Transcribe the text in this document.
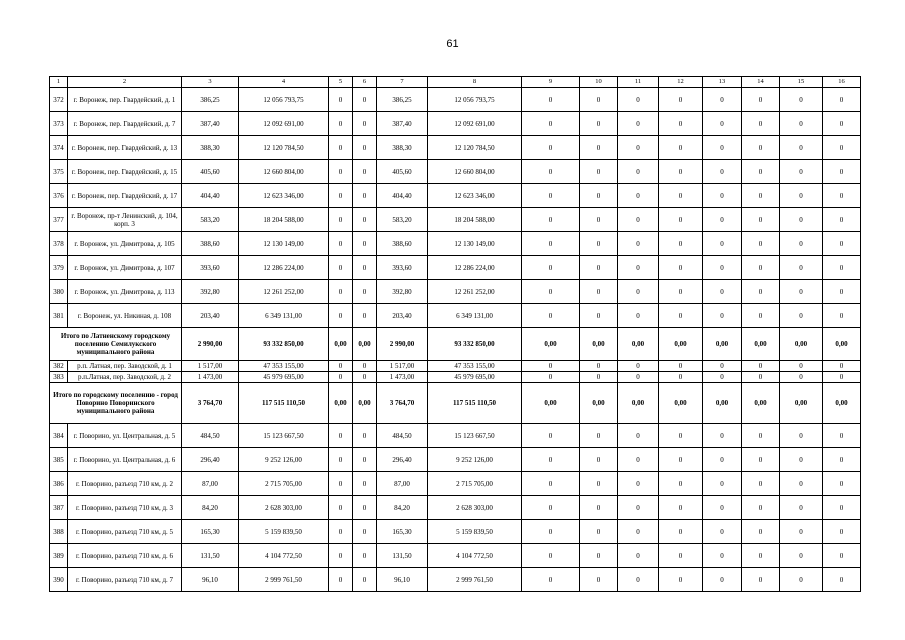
61
1	2	3	4	5	6	7	8	9	10	11	12	13	14	15	16
372	г. Воронеж, пер. Гвардейский, д. 1	386,25	12 056 793,75	0	0	386,25	12 056 793,75	0	0	0	0	0	0	0	0
373	г. Воронеж, пер. Гвардейский, д. 7	387,40	12 092 691,00	0	0	387,40	12 092 691,00	0	0	0	0	0	0	0	0
374	г. Воронеж, пер. Гвардейский, д. 13	388,30	12 120 784,50	0	0	388,30	12 120 784,50	0	0	0	0	0	0	0	0
375	г. Воронеж, пер. Гвардейский, д. 15	405,60	12 660 804,00	0	0	405,60	12 660 804,00	0	0	0	0	0	0	0	0
376	г. Воронеж, пер. Гвардейский, д. 17	404,40	12 623 346,00	0	0	404,40	12 623 346,00	0	0	0	0	0	0	0	0
377	г. Воронеж, пр-т Ленинский, д. 104, корп. 3	583,20	18 204 588,00	0	0	583,20	18 204 588,00	0	0	0	0	0	0	0	0
378	г. Воронеж, ул. Димитрова, д. 105	388,60	12 130 149,00	0	0	388,60	12 130 149,00	0	0	0	0	0	0	0	0
379	г. Воронеж, ул. Димитрова, д. 107	393,60	12 286 224,00	0	0	393,60	12 286 224,00	0	0	0	0	0	0	0	0
380	г. Воронеж, ул. Димитрова, д. 113	392,80	12 261 252,00	0	0	392,80	12 261 252,00	0	0	0	0	0	0	0	0
381	г. Воронеж, ул. Никиная, д. 108	203,40	6 349 131,00	0	0	203,40	6 349 131,00	0	0	0	0	0	0	0	0
Итого по Латненскому городскому поселению Семилукского муниципального района		2 990,00	93 332 850,00	0,00	0,00	2 990,00	93 332 850,00	0,00	0,00	0,00	0,00	0,00	0,00	0,00	0,00
382	р.п. Латная, пер. Заводской, д. 1	1 517,00	47 353 155,00	0	0	1 517,00	47 353 155,00	0	0	0	0	0	0	0	0
383	р.п.Латная, пер. Заводской, д. 2	1 473,00	45 979 695,00	0	0	1 473,00	45 979 695,00	0	0	0	0	0	0	0	0
Итого по городскому поселению - город Поворино Поворинского муниципального района		3 764,70	117 515 110,50	0,00	0,00	3 764,70	117 515 110,50	0,00	0,00	0,00	0,00	0,00	0,00	0,00	0,00
384	г. Поворино, ул. Центральная, д. 5	484,50	15 123 667,50	0	0	484,50	15 123 667,50	0	0	0	0	0	0	0	0
385	г. Поворино, ул. Центральная, д. 6	296,40	9 252 126,00	0	0	296,40	9 252 126,00	0	0	0	0	0	0	0	0
386	г. Поворино, разъезд 710 км, д. 2	87,00	2 715 705,00	0	0	87,00	2 715 705,00	0	0	0	0	0	0	0	0
387	г. Поворино, разъезд 710 км, д. 3	84,20	2 628 303,00	0	0	84,20	2 628 303,00	0	0	0	0	0	0	0	0
388	г. Поворино, разъезд 710 км, д. 5	165,30	5 159 839,50	0	0	165,30	5 159 839,50	0	0	0	0	0	0	0	0
389	г. Поворино, разъезд 710 км, д. 6	131,50	4 104 772,50	0	0	131,50	4 104 772,50	0	0	0	0	0	0	0	0
390	г. Поворино, разъезд 710 км, д. 7	96,10	2 999 761,50	0	0	96,10	2 999 761,50	0	0	0	0	0	0	0	0
